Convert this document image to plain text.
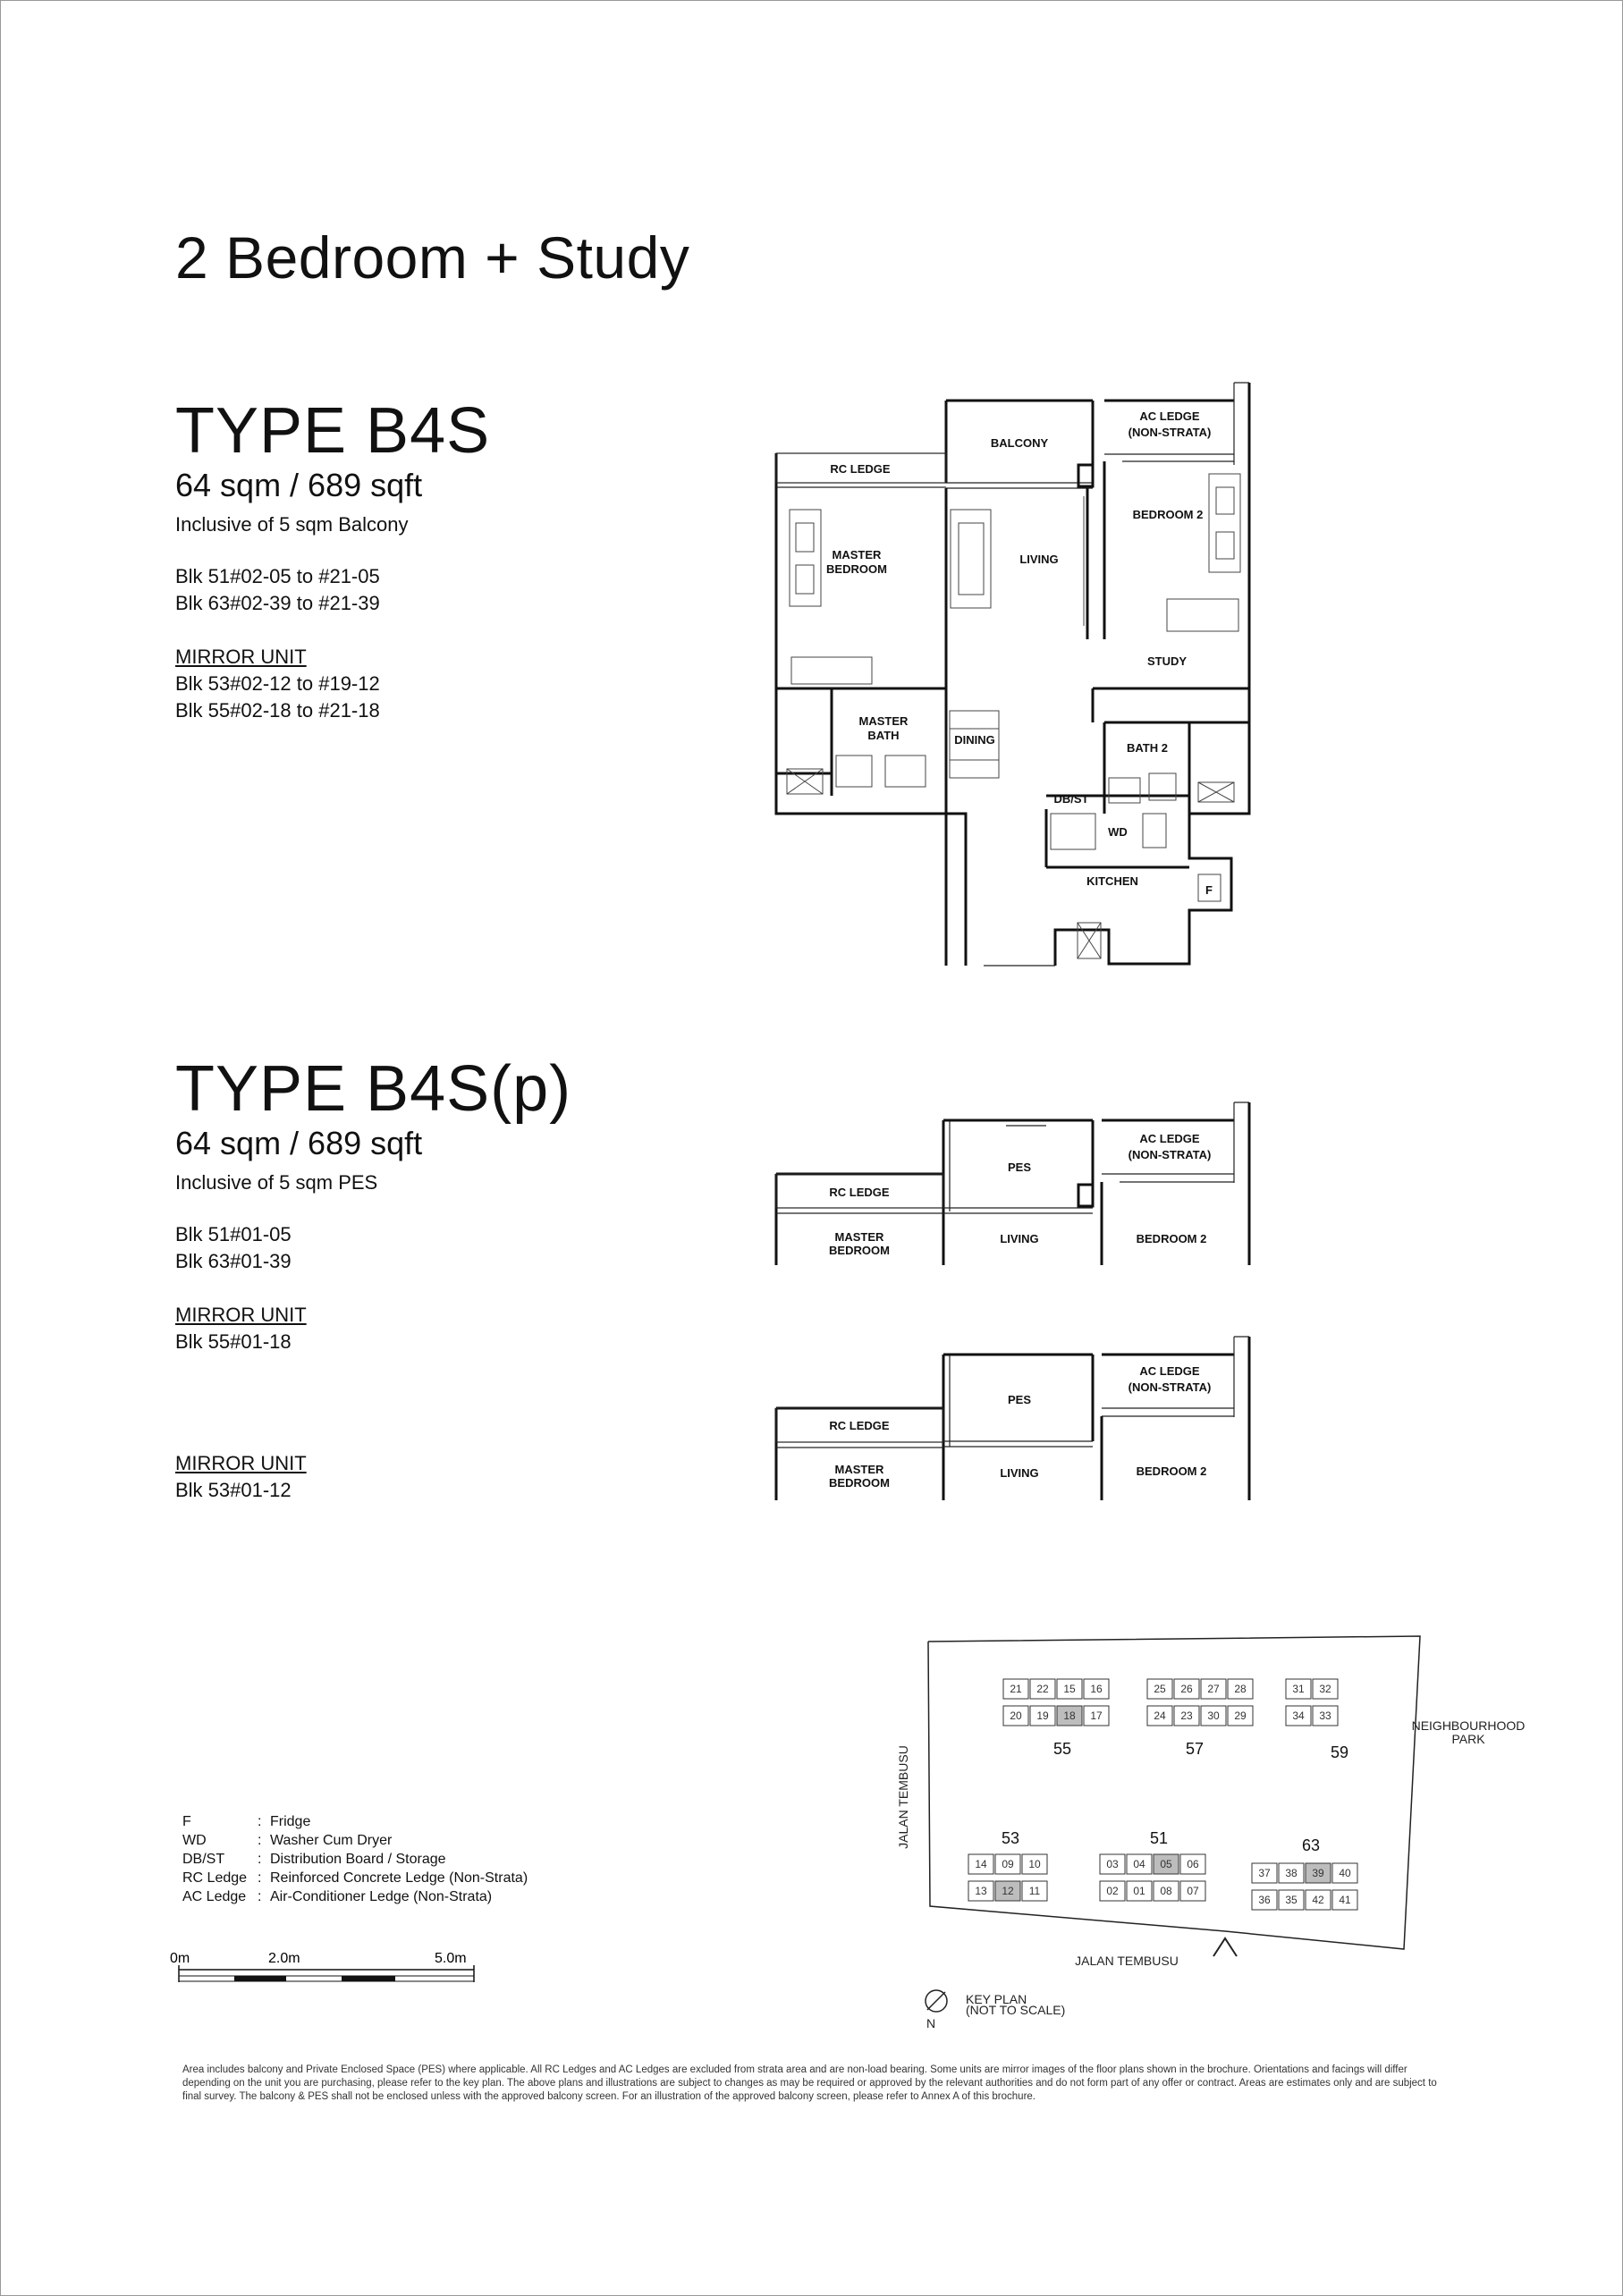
2 Bedroom + Study
TYPE B4S
64 sqm / 689 sqft
Inclusive of 5 sqm Balcony
Blk 51#02-05 to #21-05
Blk 63#02-39 to #21-39
MIRROR UNIT
Blk 53#02-12 to #19-12
Blk 55#02-18 to #21-18
TYPE B4S(p)
64 sqm / 689 sqft
Inclusive of 5 sqm PES
Blk 51#01-05
Blk 63#01-39
MIRROR UNIT
Blk 55#01-18
MIRROR UNIT
Blk 53#01-12
RC LEDGE
BALCONY
AC LEDGE
(NON-STRATA)
MASTER
BEDROOM
LIVING
BEDROOM 2
STUDY
MASTER
BATH	DINING
BATH 2
DB/ST
WD
KITCHEN
F
RC LEDGE
PES
AC LEDGE
(NON-STRATA)
MASTER
BEDROOM
LIVING	BEDROOM 2
RC LEDGE
PES
AC LEDGE
(NON-STRATA)
MASTER
BEDROOM
LIVING	BEDROOM 2
F	: Fridge
WD	: Washer Cum Dryer
DB/ST	: Distribution Board / Storage
RC Ledge : Reinforced Concrete Ledge (Non-Strata)
AC Ledge : Air-Conditioner Ledge (Non-Strata)
0m	2.0m	5.0m
JALAN TEMBUSU
JALAN TEMBUSU
NEIGHBOURHOOD
PARK
21 22 15 16
20 19 18 17
55
25 26 27 28
24 23 30 29
57
31 32
34 33
59
14 09 10
13 12 11
53
03 04 05 06
02 01 08 07
51
37 38 39 40
36 35 42 41
63
N
KEY PLAN
(NOT TO SCALE)
Area includes balcony and Private Enclosed Space (PES) where applicable. All RC Ledges and AC Ledges are excluded from strata area and are non-load bearing. Some units are mirror images of the floor plans shown in the brochure. Orientations and facings will differ depending on the unit you are purchasing, please refer to the key plan. The above plans and illustrations are subject to changes as may be required or approved by the relevant authorities and do not form part of any offer or contract. Areas are estimates only and are subject to final survey. The balcony & PES shall not be enclosed unless with the approved balcony screen. For an illustration of the approved balcony screen, please refer to Annex A of this brochure.
